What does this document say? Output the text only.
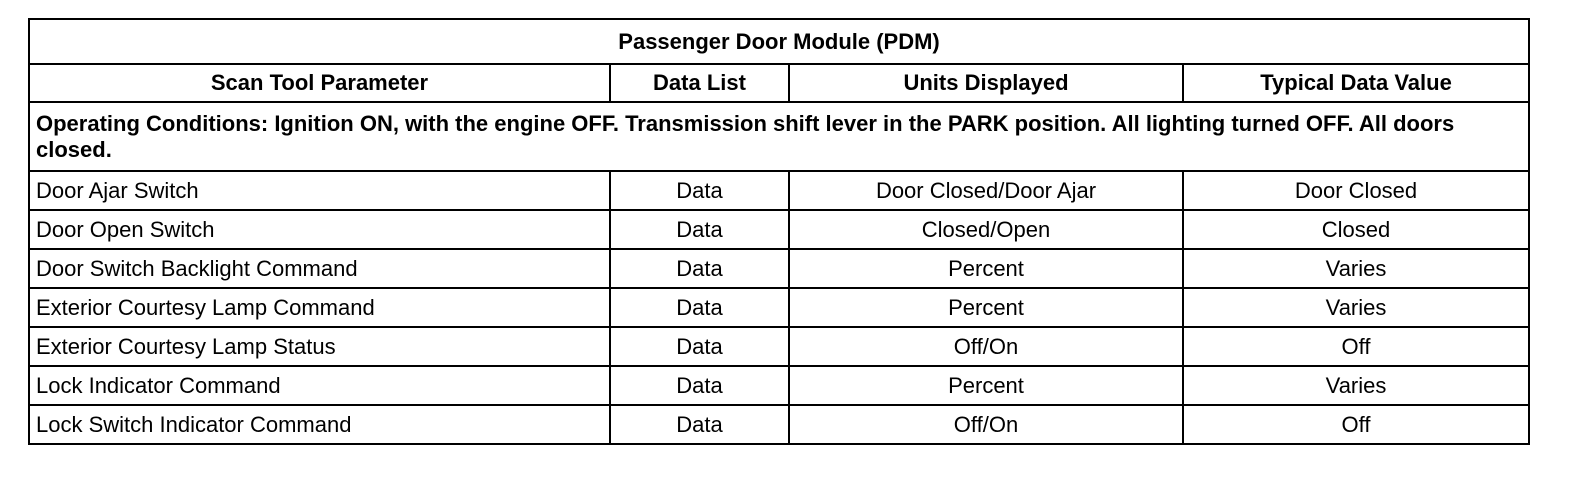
Passenger Door Module (PDM)			
Scan Tool Parameter	Data List	Units Displayed	Typical Data Value
Operating Conditions: Ignition ON, with the engine OFF. Transmission shift lever in the PARK position. All lighting turned OFF. All doors closed.			
Door Ajar Switch	Data	Door Closed/Door Ajar	Door Closed
Door Open Switch	Data	Closed/Open	Closed
Door Switch Backlight Command	Data	Percent	Varies
Exterior Courtesy Lamp Command	Data	Percent	Varies
Exterior Courtesy Lamp Status	Data	Off/On	Off
Lock Indicator Command	Data	Percent	Varies
Lock Switch Indicator Command	Data	Off/On	Off
